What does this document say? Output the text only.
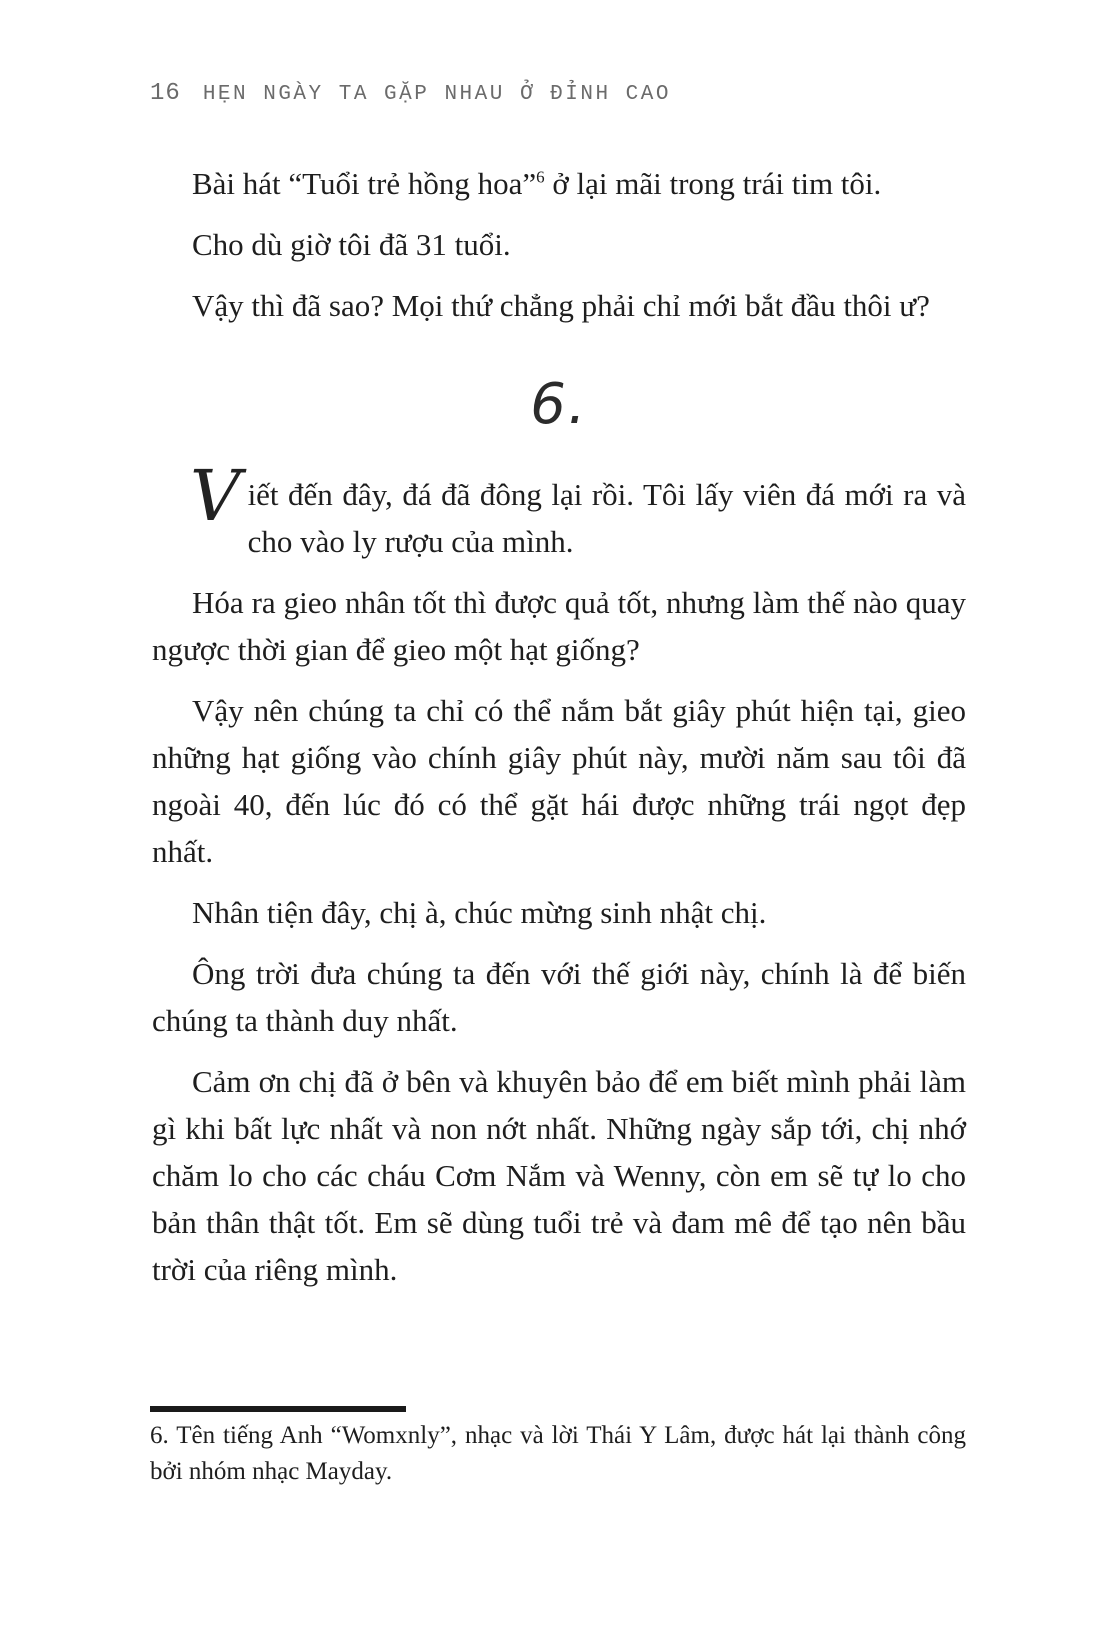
16 HẸN NGÀY TA GẶP NHAU Ở ĐỈNH CAO

Bài hát “Tuổi trẻ hồng hoa”$^6$ ở lại mãi trong trái tim tôi.

Cho dù giờ tôi đã 31 tuổi.

Vậy thì đã sao? Mọi thứ chẳng phải chỉ mới bắt đầu thôi ư?

6.

Viết đến đây, đá đã đông lại rồi. Tôi lấy viên đá mới ra và cho vào ly rượu của mình.

Hóa ra gieo nhân tốt thì được quả tốt, nhưng làm thế nào quay ngược thời gian để gieo một hạt giống?

Vậy nên chúng ta chỉ có thể nắm bắt giây phút hiện tại, gieo những hạt giống vào chính giây phút này, mười năm sau tôi đã ngoài 40, đến lúc đó có thể gặt hái được những trái ngọt đẹp nhất.

Nhân tiện đây, chị à, chúc mừng sinh nhật chị.

Ông trời đưa chúng ta đến với thế giới này, chính là để biến chúng ta thành duy nhất.

Cảm ơn chị đã ở bên và khuyên bảo để em biết mình phải làm gì khi bất lực nhất và non nớt nhất. Những ngày sắp tới, chị nhớ chăm lo cho các cháu Cơm Nắm và Wenny, còn em sẽ tự lo cho bản thân thật tốt. Em sẽ dùng tuổi trẻ và đam mê để tạo nên bầu trời của riêng mình.

6. Tên tiếng Anh “Womxnly”, nhạc và lời Thái Y Lâm, được hát lại thành công bởi nhóm nhạc Mayday.
